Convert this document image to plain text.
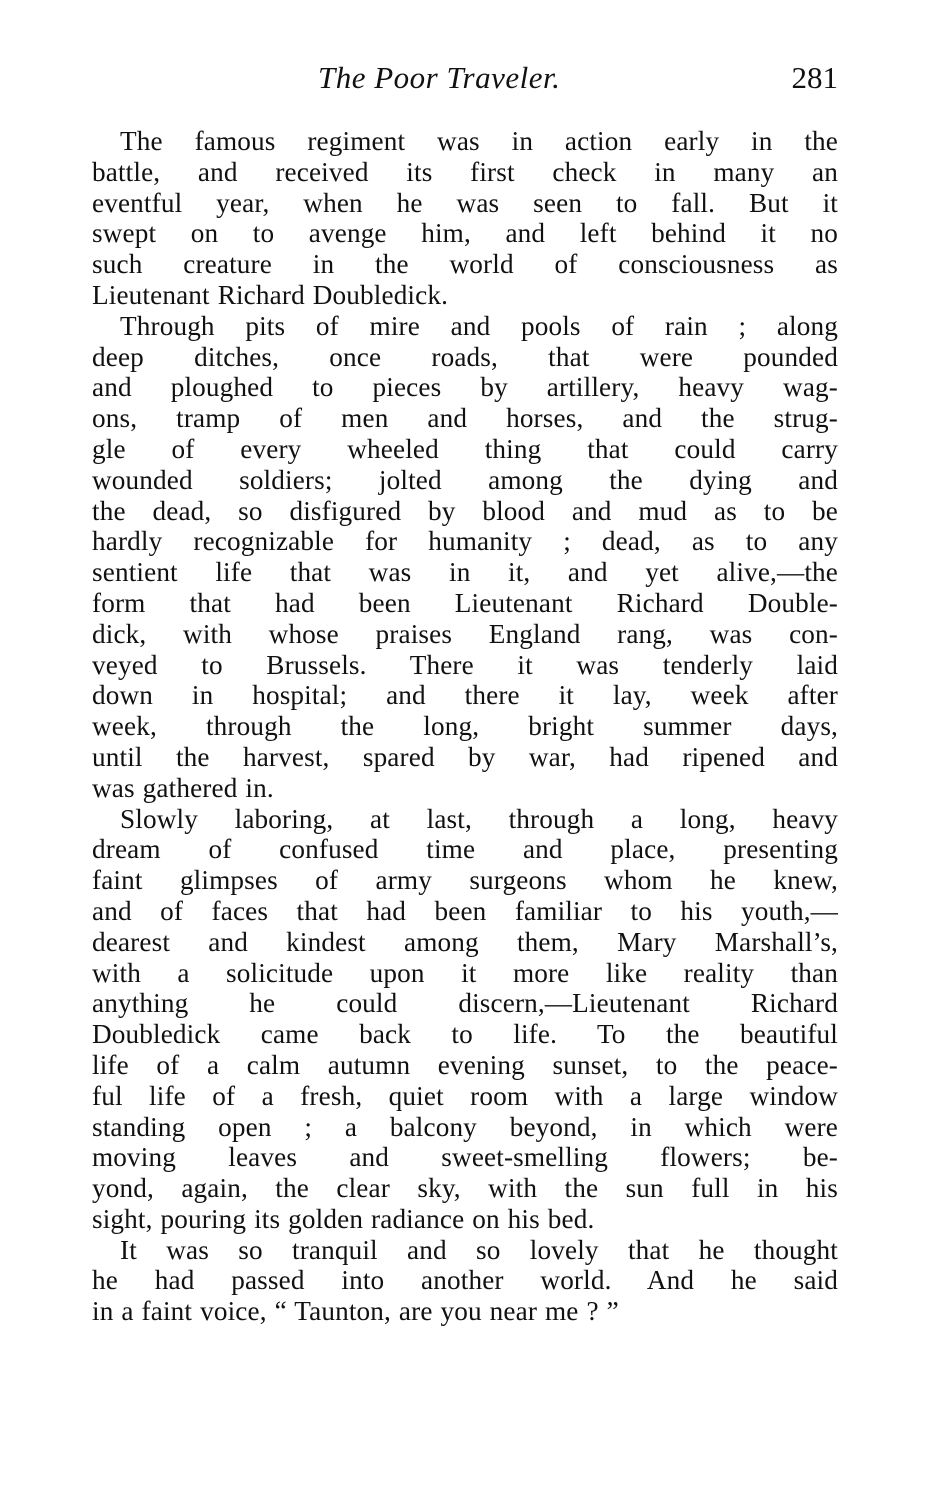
The Poor Traveler.	281

The famous regiment was in action early in the
battle, and received its first check in many an
eventful year, when he was seen to fall. But it
swept on to avenge him, and left behind it no
such creature in the world of consciousness as
Lieutenant Richard Doubledick.

Through pits of mire and pools of rain ; along
deep ditches, once roads, that were pounded
and ploughed to pieces by artillery, heavy wag-
ons, tramp of men and horses, and the strug-
gle of every wheeled thing that could carry
wounded soldiers; jolted among the dying and
the dead, so disfigured by blood and mud as to be
hardly recognizable for humanity ; dead, as to any
sentient life that was in it, and yet alive,—the
form that had been Lieutenant Richard Double-
dick, with whose praises England rang, was con-
veyed to Brussels. There it was tenderly laid
down in hospital; and there it lay, week after
week, through the long, bright summer days,
until the harvest, spared by war, had ripened and
was gathered in.

Slowly laboring, at last, through a long, heavy
dream of confused time and place, presenting
faint glimpses of army surgeons whom he knew,
and of faces that had been familiar to his youth,—
dearest and kindest among them, Mary Marshall’s,
with a solicitude upon it more like reality than
anything he could discern,—Lieutenant Richard
Doubledick came back to life. To the beautiful
life of a calm autumn evening sunset, to the peace-
ful life of a fresh, quiet room with a large window
standing open ; a balcony beyond, in which were
moving leaves and sweet-smelling flowers; be-
yond, again, the clear sky, with the sun full in his
sight, pouring its golden radiance on his bed.

It was so tranquil and so lovely that he thought
he had passed into another world. And he said
in a faint voice, “ Taunton, are you near me ? ”
